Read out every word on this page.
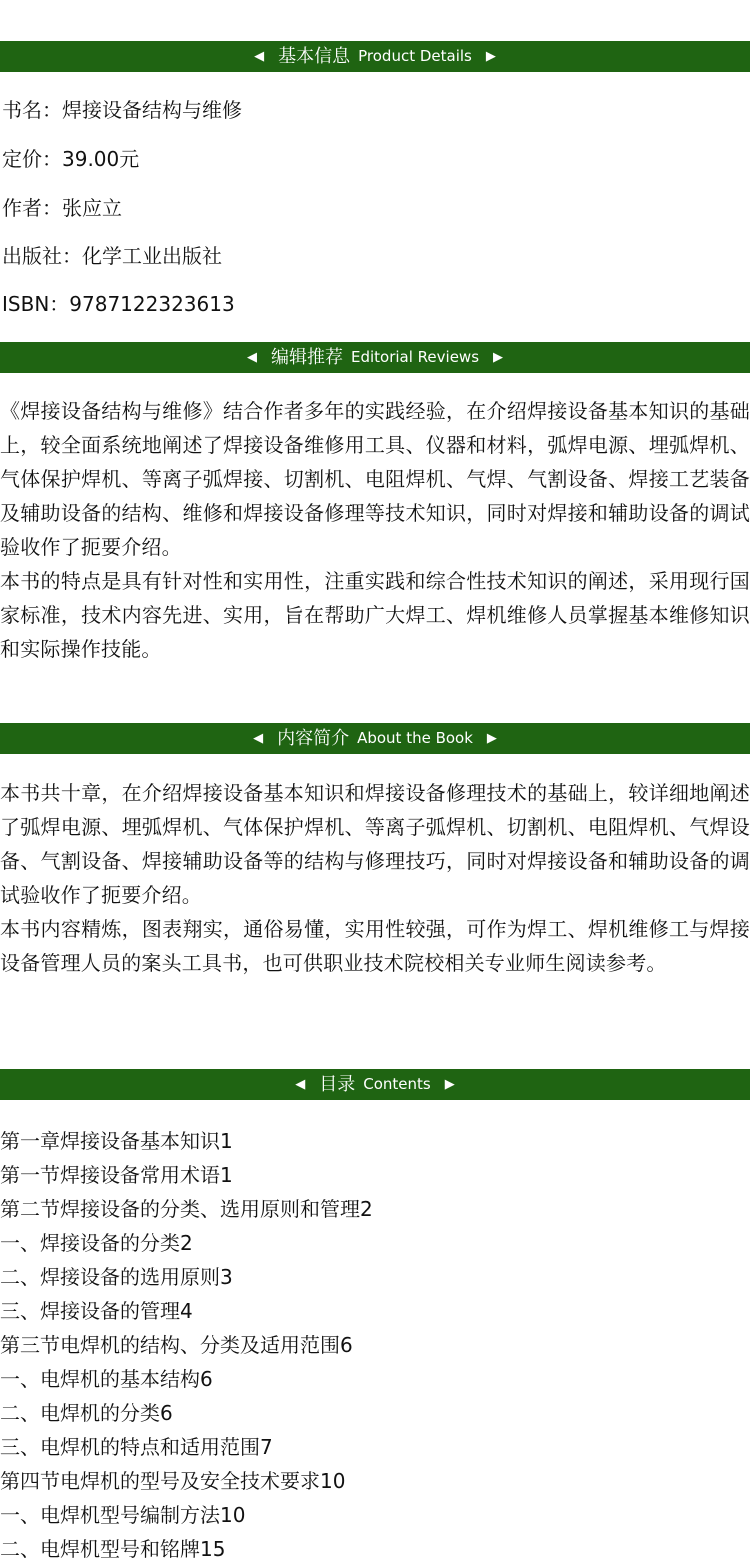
◀ 基本信息 Product Details ▶
书名：焊接设备结构与维修
定价：39.00元
作者：张应立
出版社：化学工业出版社
ISBN：9787122323613
◀ 编辑推荐 Editorial Reviews ▶

《焊接设备结构与维修》结合作者多年的实践经验，在介绍焊接设备基本知识的基础上，较全面系统地阐述了焊接设备维修用工具、仪器和材料，弧焊电源、埋弧焊机、气体保护焊机、等离子弧焊接、切割机、电阻焊机、气焊、气割设备、焊接工艺装备及辅助设备的结构、维修和焊接设备修理等技术知识，同时对焊接和辅助设备的调试验收作了扼要介绍。

本书的特点是具有针对性和实用性，注重实践和综合性技术知识的阐述，采用现行国家标准，技术内容先进、实用，旨在帮助广大焊工、焊机维修人员掌握基本维修知识和实际操作技能。

◀ 内容简介 About the Book ▶

本书共十章，在介绍焊接设备基本知识和焊接设备修理技术的基础上，较详细地阐述了弧焊电源、埋弧焊机、气体保护焊机、等离子弧焊机、切割机、电阻焊机、气焊设备、气割设备、焊接辅助设备等的结构与修理技巧，同时对焊接设备和辅助设备的调试验收作了扼要介绍。

本书内容精炼，图表翔实，通俗易懂，实用性较强，可作为焊工、焊机维修工与焊接设备管理人员的案头工具书，也可供职业技术院校相关专业师生阅读参考。

◀ 目录 Contents ▶
第一章焊接设备基本知识1
第一节焊接设备常用术语1
第二节焊接设备的分类、选用原则和管理2
一、焊接设备的分类2
二、焊接设备的选用原则3
三、焊接设备的管理4
第三节电焊机的结构、分类及适用范围6
一、电焊机的基本结构6
二、电焊机的分类6
三、电焊机的特点和适用范围7
第四节电焊机的型号及安全技术要求10
一、电焊机型号编制方法10
二、电焊机型号和铭牌15
